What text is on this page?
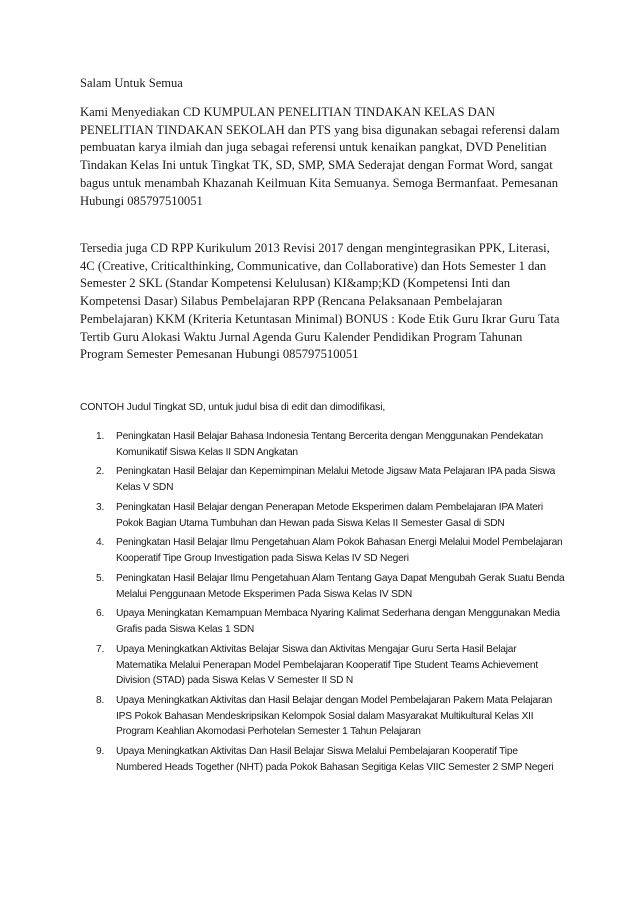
Salam Untuk Semua

Kami Menyediakan CD KUMPULAN PENELITIAN TINDAKAN KELAS DAN PENELITIAN TINDAKAN SEKOLAH dan PTS yang bisa digunakan sebagai referensi dalam pembuatan karya ilmiah dan juga sebagai referensi untuk kenaikan pangkat, DVD Penelitian Tindakan Kelas Ini untuk Tingkat TK, SD, SMP, SMA Sederajat dengan Format Word, sangat bagus untuk menambah Khazanah Keilmuan Kita Semuanya. Semoga Bermanfaat. Pemesanan Hubungi 085797510051

Tersedia juga CD RPP Kurikulum 2013 Revisi 2017 dengan mengintegrasikan PPK, Literasi, 4C (Creative, Criticalthinking, Communicative, dan Collaborative) dan Hots Semester 1 dan Semester 2 SKL (Standar Kompetensi Kelulusan) KI&amp;KD (Kompetensi Inti dan Kompetensi Dasar) Silabus Pembelajaran RPP (Rencana Pelaksanaan Pembelajaran Pembelajaran) KKM (Kriteria Ketuntasan Minimal) BONUS : Kode Etik Guru Ikrar Guru Tata Tertib Guru Alokasi Waktu Jurnal Agenda Guru Kalender Pendidikan Program Tahunan Program Semester Pemesanan Hubungi 085797510051

CONTOH Judul Tingkat SD, untuk judul bisa di edit dan dimodifikasi,

1. Peningkatan Hasil Belajar Bahasa Indonesia Tentang Bercerita dengan Menggunakan Pendekatan Komunikatif Siswa Kelas II SDN Angkatan
2. Peningkatan Hasil Belajar dan Kepemimpinan Melalui Metode Jigsaw Mata Pelajaran IPA pada Siswa Kelas V SDN
3. Peningkatan Hasil Belajar dengan Penerapan Metode Eksperimen dalam Pembelajaran IPA Materi Pokok Bagian Utama Tumbuhan dan Hewan pada Siswa Kelas II Semester Gasal di SDN
4. Peningkatan Hasil Belajar Ilmu Pengetahuan Alam Pokok Bahasan Energi Melalui Model Pembelajaran Kooperatif Tipe Group Investigation pada Siswa Kelas IV SD Negeri
5. Peningkatan Hasil Belajar Ilmu Pengetahuan Alam Tentang Gaya Dapat Mengubah Gerak Suatu Benda Melalui Penggunaan Metode Eksperimen Pada Siswa Kelas IV SDN
6. Upaya Meningkatan Kemampuan Membaca Nyaring Kalimat Sederhana dengan Menggunakan Media Grafis pada Siswa Kelas 1 SDN
7. Upaya Meningkatkan Aktivitas Belajar Siswa dan Aktivitas Mengajar Guru Serta Hasil Belajar Matematika Melalui Penerapan Model Pembelajaran Kooperatif Tipe Student Teams Achievement Division (STAD) pada Siswa Kelas V Semester II SD N
8. Upaya Meningkatkan Aktivitas dan Hasil Belajar dengan Model Pembelajaran Pakem Mata Pelajaran IPS Pokok Bahasan Mendeskripsikan Kelompok Sosial dalam Masyarakat Multikultural Kelas XII Program Keahlian Akomodasi Perhotelan Semester 1 Tahun Pelajaran
9. Upaya Meningkatkan Aktivitas Dan Hasil Belajar Siswa Melalui Pembelajaran Kooperatif Tipe Numbered Heads Together (NHT) pada Pokok Bahasan Segitiga Kelas VIIC Semester 2 SMP Negeri
